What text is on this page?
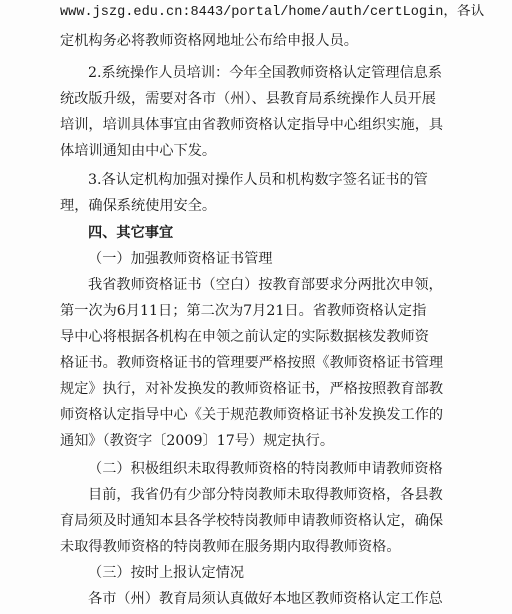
www.jszg.edu.cn:8443/portal/home/auth/certLogin，各认
定机构务必将教师资格网地址公布给申报人员。
2.系统操作人员培训：今年全国教师资格认定管理信息系
统改版升级，需要对各市（州）、县教育局系统操作人员开展
培训，培训具体事宜由省教师资格认定指导中心组织实施，具
体培训通知由中心下发。
3.各认定机构加强对操作人员和机构数字签名证书的管
理，确保系统使用安全。
四、其它事宜
（一）加强教师资格证书管理
我省教师资格证书（空白）按教育部要求分两批次申领，
第一次为6月11日；第二次为7月21日。省教师资格认定指
导中心将根据各机构在申领之前认定的实际数据核发教师资
格证书。教师资格证书的管理要严格按照《教师资格证书管理
规定》执行，对补发换发的教师资格证书，严格按照教育部教
师资格认定指导中心《关于规范教师资格证书补发换发工作的
通知》（教资字〔2009〕17号）规定执行。
（二）积极组织未取得教师资格的特岗教师申请教师资格
目前，我省仍有少部分特岗教师未取得教师资格，各县教
育局须及时通知本县各学校特岗教师申请教师资格认定，确保
未取得教师资格的特岗教师在服务期内取得教师资格。
（三）按时上报认定情况
各市（州）教育局须认真做好本地区教师资格认定工作总
